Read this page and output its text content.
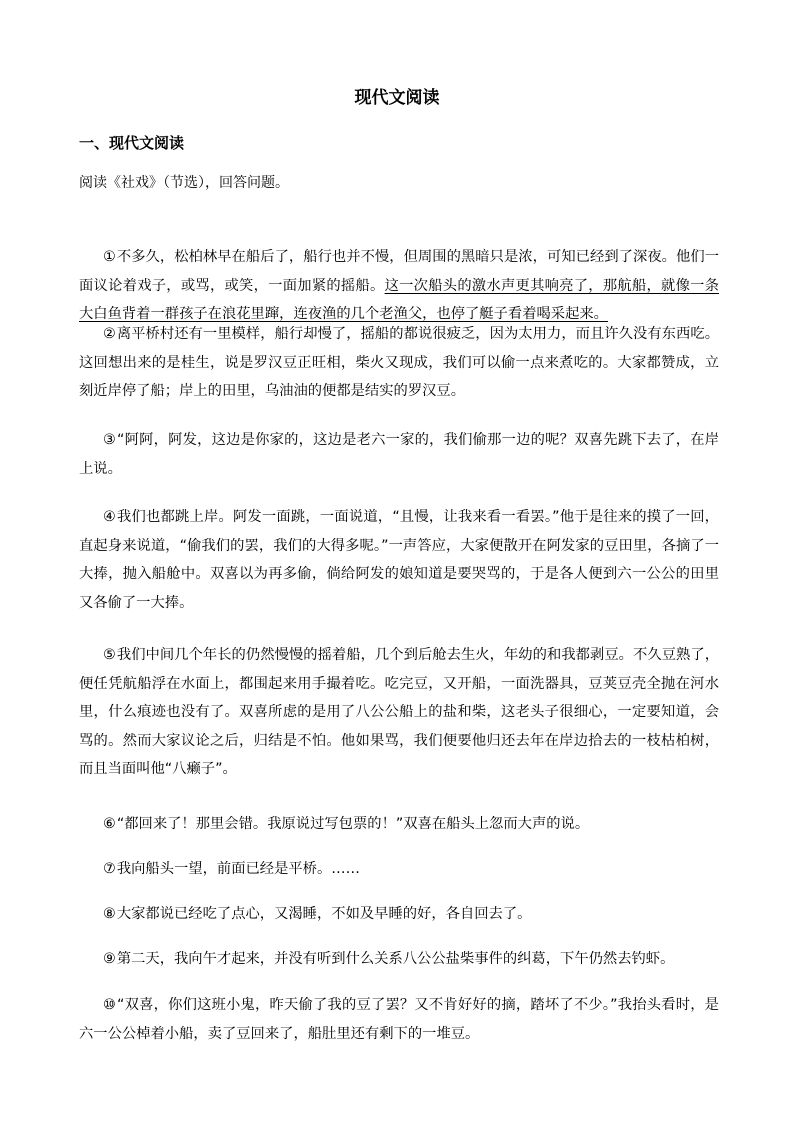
现代文阅读
一、现代文阅读
阅读《社戏》（节选），回答问题。

①不多久，松柏林早在船后了，船行也并不慢，但周围的黑暗只是浓，可知已经到了深夜。他们一面议论着戏子，或骂，或笑，一面加紧的摇船。这一次船头的激水声更其响亮了，那航船，就像一条大白鱼背着一群孩子在浪花里蹿，连夜渔的几个老渔父，也停了艇子看着喝采起来。

②离平桥村还有一里模样，船行却慢了，摇船的都说很疲乏，因为太用力，而且许久没有东西吃。这回想出来的是桂生，说是罗汉豆正旺相，柴火又现成，我们可以偷一点来煮吃的。大家都赞成，立刻近岸停了船；岸上的田里，乌油油的便都是结实的罗汉豆。

③“阿阿，阿发，这边是你家的，这边是老六一家的，我们偷那一边的呢？双喜先跳下去了，在岸上说。

④我们也都跳上岸。阿发一面跳，一面说道，“且慢，让我来看一看罢。”他于是往来的摸了一回，直起身来说道，“偷我们的罢，我们的大得多呢。”一声答应，大家便散开在阿发家的豆田里，各摘了一大捧，抛入船舱中。双喜以为再多偷，倘给阿发的娘知道是要哭骂的，于是各人便到六一公公的田里又各偷了一大捧。

⑤我们中间几个年长的仍然慢慢的摇着船，几个到后舱去生火，年幼的和我都剥豆。不久豆熟了，便任凭航船浮在水面上，都围起来用手撮着吃。吃完豆，又开船，一面洗器具，豆荚豆壳全抛在河水里，什么痕迹也没有了。双喜所虑的是用了八公公船上的盐和柴，这老头子很细心，一定要知道，会骂的。然而大家议论之后，归结是不怕。他如果骂，我们便要他归还去年在岸边拾去的一枝枯柏树，而且当面叫他“八癞子”。

⑥“都回来了！那里会错。我原说过写包票的！”双喜在船头上忽而大声的说。

⑦我向船头一望，前面已经是平桥。……

⑧大家都说已经吃了点心，又渴睡，不如及早睡的好，各自回去了。

⑨第二天，我向午才起来，并没有听到什么关系八公公盐柴事件的纠葛，下午仍然去钓虾。

⑩“双喜，你们这班小鬼，昨天偷了我的豆了罢？又不肯好好的摘，踏坏了不少。”我抬头看时，是六一公公棹着小船，卖了豆回来了，船肚里还有剩下的一堆豆。
